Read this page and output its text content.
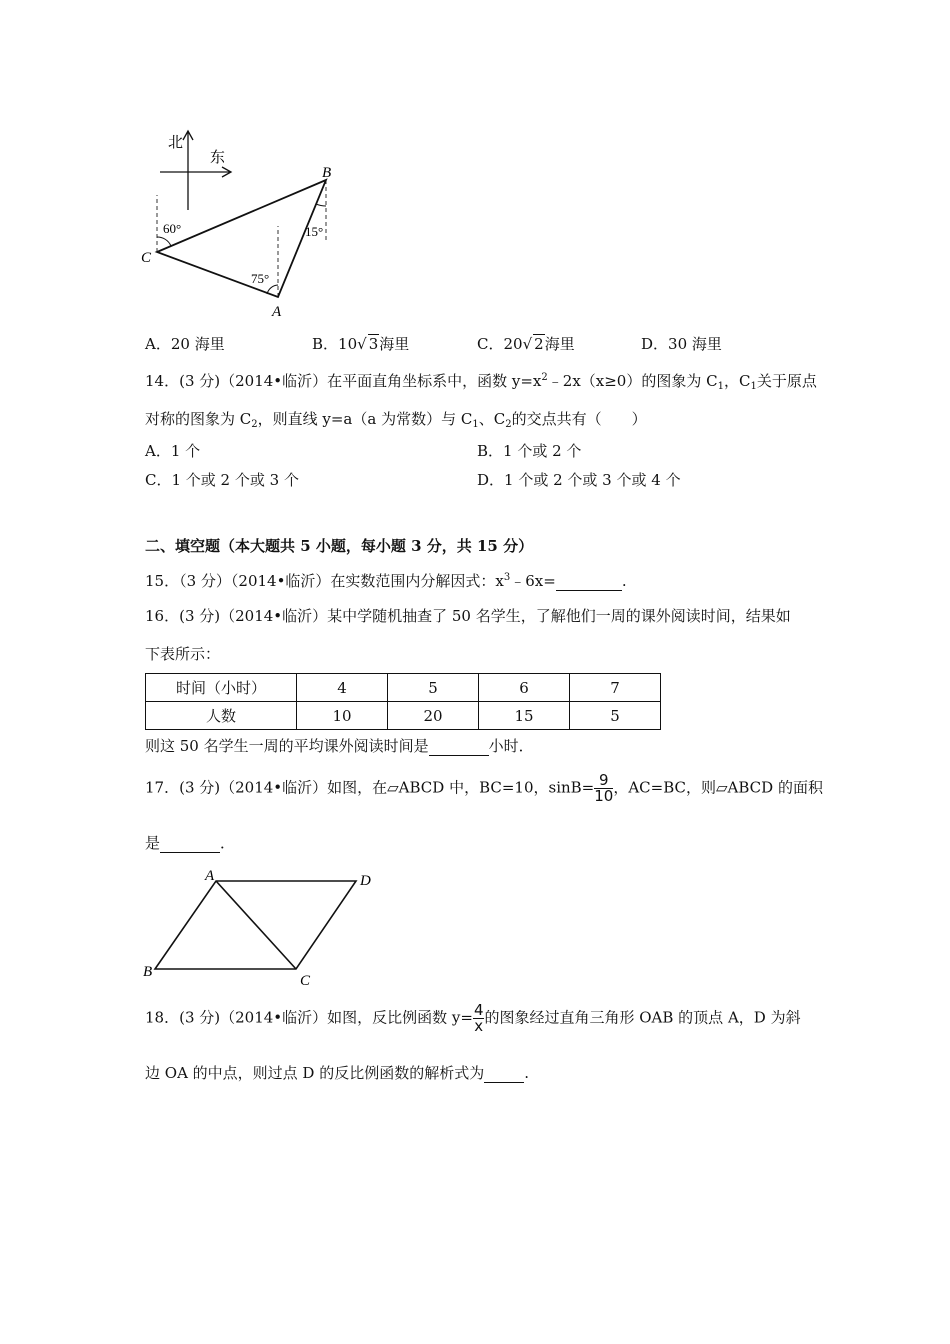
北
东
B
C
A
60°
75°
15°
A．20 海里	B．10√ 3海里	C．20√ 2海里	D．30 海里
14．(3 分)（2014•临沂）在平面直角坐标系中，函数 $y=x^2﹣2x(x\ge 0)$的图象为 $C_1$，$C_1$关于原点
对称的图象为 $C_2$，则直线 y=a（a 为常数）与 $C_1$、$C_2$的交点共有（　　）
A．1 个	B．1 个或 2 个
C．1 个或 2 个或 3 个	D．1 个或 2 个或 3 个或 4 个
二、填空题（本大题共 5 小题，每小题 3 分，共 15 分）
15．（3 分）（2014•临沂）在实数范围内分解因式：$x^3﹣6x=$	.
16．(3 分)（2014•临沂）某中学随机抽查了 50 名学生，了解他们一周的课外阅读时间，结果如
下表所示：
时间（小时）	4	5	6	7
人数	10	20	15	5
则这 50 名学生一周的平均课外阅读时间是	小时．
17．(3 分)（2014•临沂）如图，在▱ABCD 中，BC=10，$\sin B= \frac{9}{10}$ ，AC=BC，则▱ABCD 的面积
是	．
A	D
B
C
18．(3 分)（2014•临沂）如图，反比例函数 $y= \frac{4}{x}$ 的图象经过直角三角形 OAB 的顶点 A，D 为斜
边 OA 的中点，则过点 D 的反比例函数的解析式为	.
